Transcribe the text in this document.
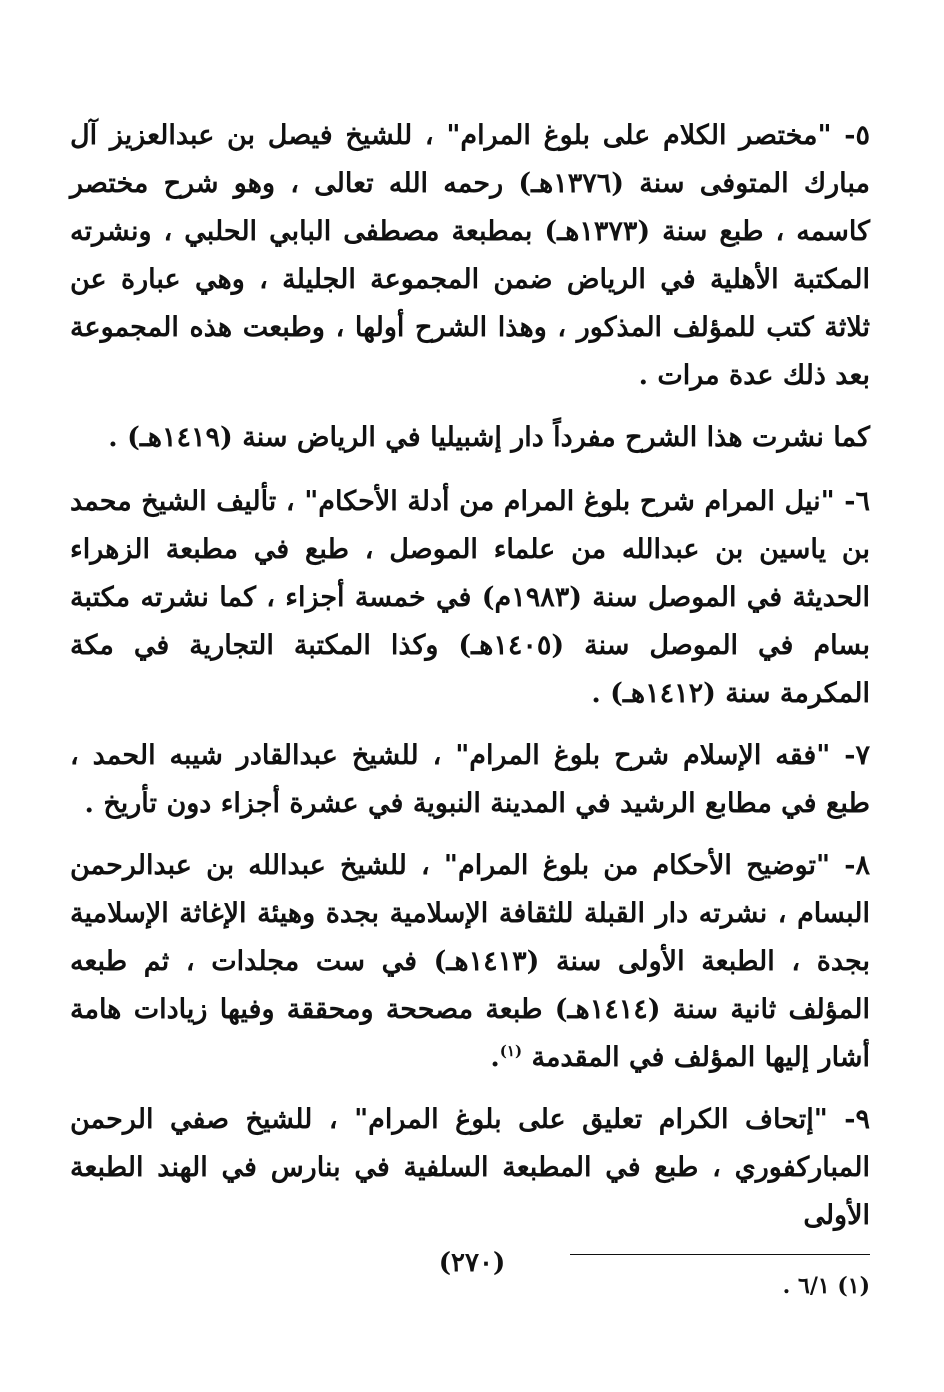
٥- "مختصر الكلام على بلوغ المرام" ، للشيخ فيصل بن عبدالعزيز آل مبارك المتوفى سنة (١٣٧٦هـ) رحمه الله تعالى ، وهو شرح مختصر كاسمه ، طبع سنة (١٣٧٣هـ) بمطبعة مصطفى البابي الحلبي ، ونشرته المكتبة الأهلية في الرياض ضمن المجموعة الجليلة ، وهي عبارة عن ثلاثة كتب للمؤلف المذكور ، وهذا الشرح أولها ، وطبعت هذه المجموعة بعد ذلك عدة مرات .

كما نشرت هذا الشرح مفرداً دار إشبيليا في الرياض سنة (١٤١٩هـ) .

٦- "نيل المرام شرح بلوغ المرام من أدلة الأحكام" ، تأليف الشيخ محمد بن ياسين بن عبدالله من علماء الموصل ، طبع في مطبعة الزهراء الحديثة في الموصل سنة (١٩٨٣م) في خمسة أجزاء ، كما نشرته مكتبة بسام في الموصل سنة (١٤٠٥هـ) وكذا المكتبة التجارية في مكة المكرمة سنة (١٤١٢هـ) .

٧- "فقه الإسلام شرح بلوغ المرام" ، للشيخ عبدالقادر شيبه الحمد ، طبع في مطابع الرشيد في المدينة النبوية في عشرة أجزاء دون تأريخ .

٨- "توضيح الأحكام من بلوغ المرام" ، للشيخ عبدالله بن عبدالرحمن البسام ، نشرته دار القبلة للثقافة الإسلامية بجدة وهيئة الإغاثة الإسلامية بجدة ، الطبعة الأولى سنة (١٤١٣هـ) في ست مجلدات ، ثم طبعه المؤلف ثانية سنة (١٤١٤هـ) طبعة مصححة ومحققة وفيها زيادات هامة أشار إليها المؤلف في المقدمة $^{(١)}$.

٩- "إتحاف الكرام تعليق على بلوغ المرام" ، للشيخ صفي الرحمن المباركفوري ، طبع في المطبعة السلفية في بنارس في الهند الطبعة الأولى

(١) ٦/١ .

(٢٧٠)
